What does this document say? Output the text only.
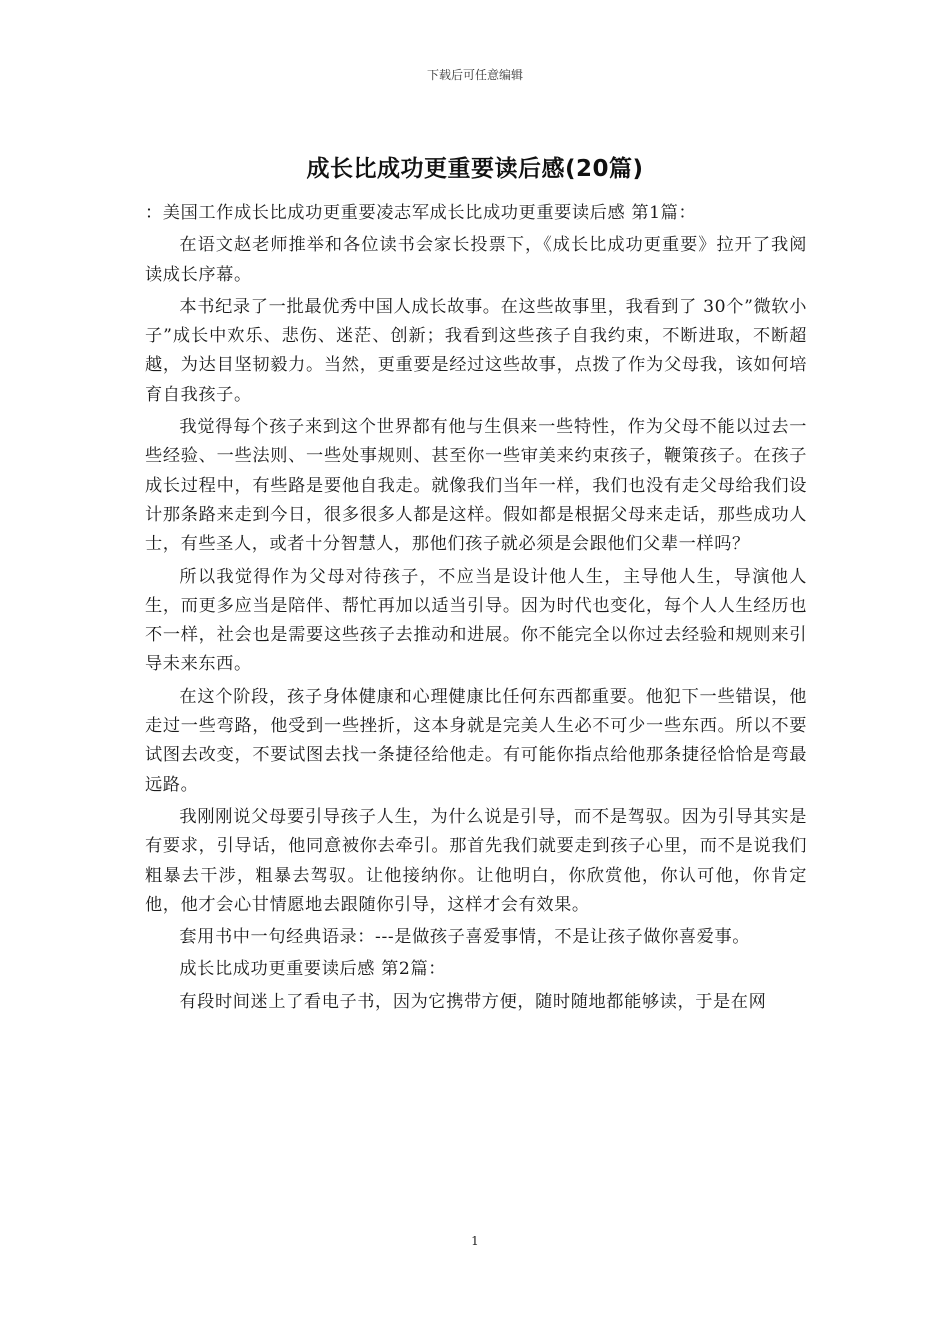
下载后可任意编辑
成长比成功更重要读后感(20篇)

：美国工作成长比成功更重要凌志军成长比成功更重要读后感 第1篇：

在语文赵老师推举和各位读书会家长投票下，《成长比成功更重要》拉开了我阅读成长序幕。

本书纪录了一批最优秀中国人成长故事。在这些故事里，我看到了 30个”微软小子”成长中欢乐、悲伤、迷茫、创新；我看到这些孩子自我约束，不断进取，不断超越，为达目坚韧毅力。当然，更重要是经过这些故事，点拨了作为父母我，该如何培育自我孩子。

我觉得每个孩子来到这个世界都有他与生俱来一些特性，作为父母不能以过去一些经验、一些法则、一些处事规则、甚至你一些审美来约束孩子，鞭策孩子。在孩子成长过程中，有些路是要他自我走。就像我们当年一样，我们也没有走父母给我们设计那条路来走到今日，很多很多人都是这样。假如都是根据父母来走话，那些成功人士，有些圣人，或者十分智慧人，那他们孩子就必须是会跟他们父辈一样吗？

所以我觉得作为父母对待孩子，不应当是设计他人生，主导他人生，导演他人生，而更多应当是陪伴、帮忙再加以适当引导。因为时代也变化，每个人人生经历也不一样，社会也是需要这些孩子去推动和进展。你不能完全以你过去经验和规则来引导未来东西。

在这个阶段，孩子身体健康和心理健康比任何东西都重要。他犯下一些错误，他走过一些弯路，他受到一些挫折，这本身就是完美人生必不可少一些东西。所以不要试图去改变，不要试图去找一条捷径给他走。有可能你指点给他那条捷径恰恰是弯最远路。

我刚刚说父母要引导孩子人生，为什么说是引导，而不是驾驭。因为引导其实是有要求，引导话，他同意被你去牵引。那首先我们就要走到孩子心里，而不是说我们粗暴去干涉，粗暴去驾驭。让他接纳你。让他明白，你欣赏他，你认可他，你肯定他，他才会心甘情愿地去跟随你引导，这样才会有效果。

套用书中一句经典语录：---是做孩子喜爱事情，不是让孩子做你喜爱事。

成长比成功更重要读后感 第2篇：

有段时间迷上了看电子书，因为它携带方便，随时随地都能够读，于是在网

1
